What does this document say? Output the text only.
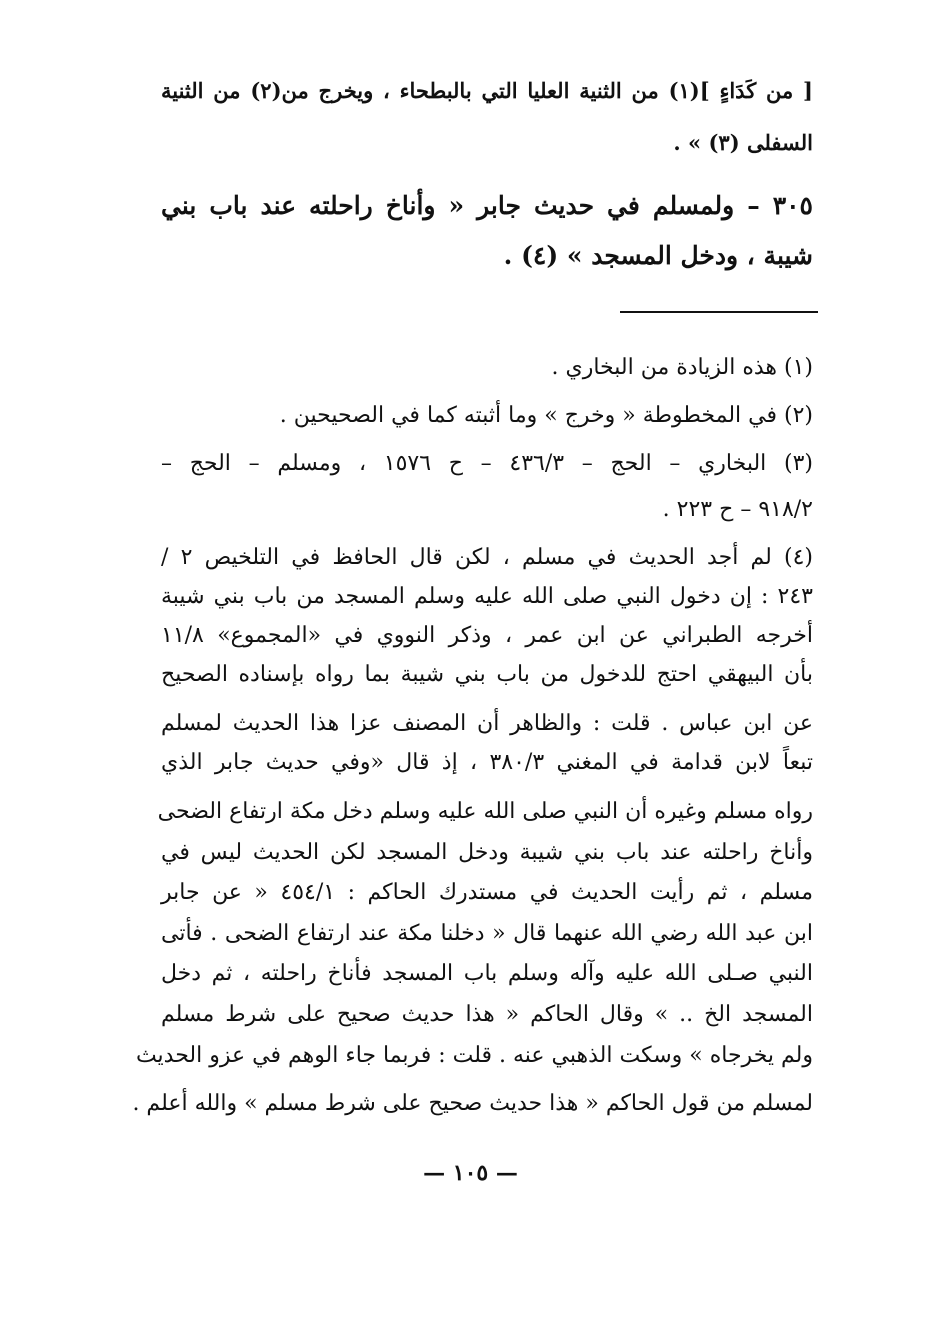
[ من كَدَاءٍ ](١) من الثنية العليا التي بالبطحاء ، ويخرج من(٢) من الثنية
السفلى (٣) » .
٣٠٥ – ولمسلم في حديث جابر « وأناخ راحلته عند باب بني
شيبة ، ودخل المسجد » (٤) .
(١) هذه الزيادة من البخاري .
(٢) في المخطوطة « وخرج » وما أثبته كما في الصحيحين .
(٣) البخاري – الحج – ٤٣٦/٣ – ح ١٥٧٦ ، ومسلم – الحج –
٩١٨/٢ – ح ٢٢٣ .
(٤) لم أجد الحديث في مسلم ، لكن قال الحافظ في التلخيص ٢ /
٢٤٣ : إن دخول النبي صلى الله عليه وسلم المسجد من باب بني شيبة
أخرجه الطبراني عن ابن عمر ، وذكر النووي في «المجموع» ١١/٨
بأن البيهقي احتج للدخول من باب بني شيبة بما رواه بإسناده الصحيح
عن ابن عباس . قلت : والظاهر أن المصنف عزا هذا الحديث لمسلم
تبعاً لابن قدامة في المغني ٣٨٠/٣ ، إذ قال «وفي حديث جابر الذي
رواه مسلم وغيره أن النبي صلى الله عليه وسلم دخل مكة ارتفاع الضحى
وأناخ راحلته عند باب بني شيبة ودخل المسجد لكن الحديث ليس في
مسلم ، ثم رأيت الحديث في مستدرك الحاكم : ٤٥٤/١ « عن جابر
ابن عبد الله رضي الله عنهما قال « دخلنا مكة عند ارتفاع الضحى . فأتى
النبي صـلى الله عليه وآله وسلم باب المسجد فأناخ راحلته ، ثم دخل
المسجد الخ .. » وقال الحاكم « هذا حديث صحيح على شرط مسلم
ولم يخرجاه » وسكت الذهبي عنه . قلت : فربما جاء الوهم في عزو الحديث
لمسلم من قول الحاكم « هذا حديث صحيح على شرط مسلم » والله أعلم .
— ١٠٥ —
